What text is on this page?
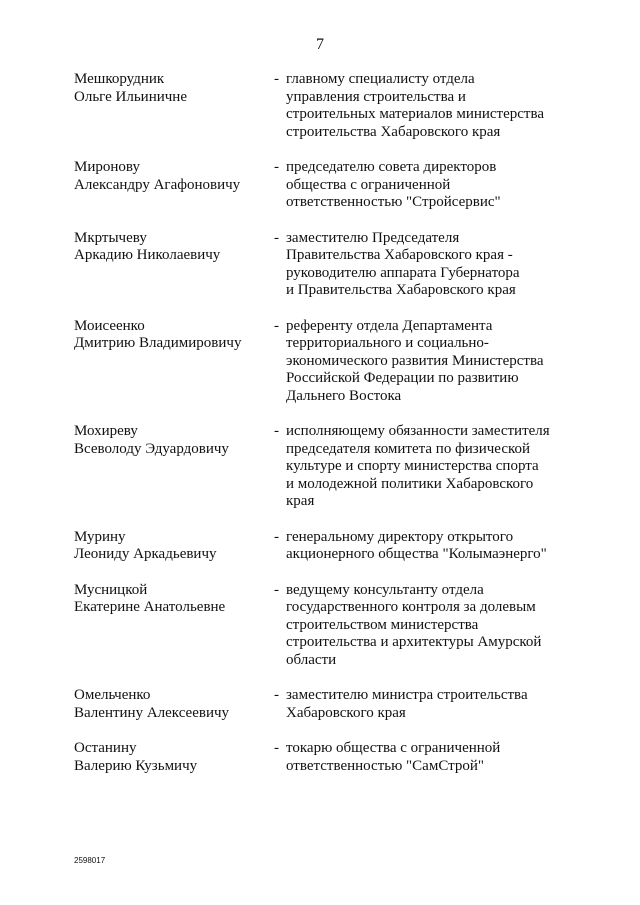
7
Мешкорудник
Ольге Ильиничне
- главному специалисту отдела
управления строительства и
строительных материалов министерства
строительства Хабаровского края
Миронову
Александру Агафоновичу
- председателю совета директоров
общества с ограниченной
ответственностью "Стройсервис"
Мкртычеву
Аркадию Николаевичу
- заместителю Председателя
Правительства Хабаровского края -
руководителю аппарата Губернатора
и Правительства Хабаровского края
Моисеенко
Дмитрию Владимировичу
- референту отдела Департамента
территориального и социально-
экономического развития Министерства
Российской Федерации по развитию
Дальнего Востока
Мохиреву
Всеволоду Эдуардовичу
- исполняющему обязанности заместителя
председателя комитета по физической
культуре и спорту министерства спорта
и молодежной политики Хабаровского
края
Мурину
Леониду Аркадьевичу
- генеральному директору открытого
акционерного общества "Колымаэнерго"
Мусницкой
Екатерине Анатольевне
- ведущему консультанту отдела
государственного контроля за долевым
строительством министерства
строительства и архитектуры Амурской
области
Омельченко
Валентину Алексеевичу
- заместителю министра строительства
Хабаровского края
Останину
Валерию Кузьмичу
- токарю общества с ограниченной
ответственностью "СамСтрой"
2598017
